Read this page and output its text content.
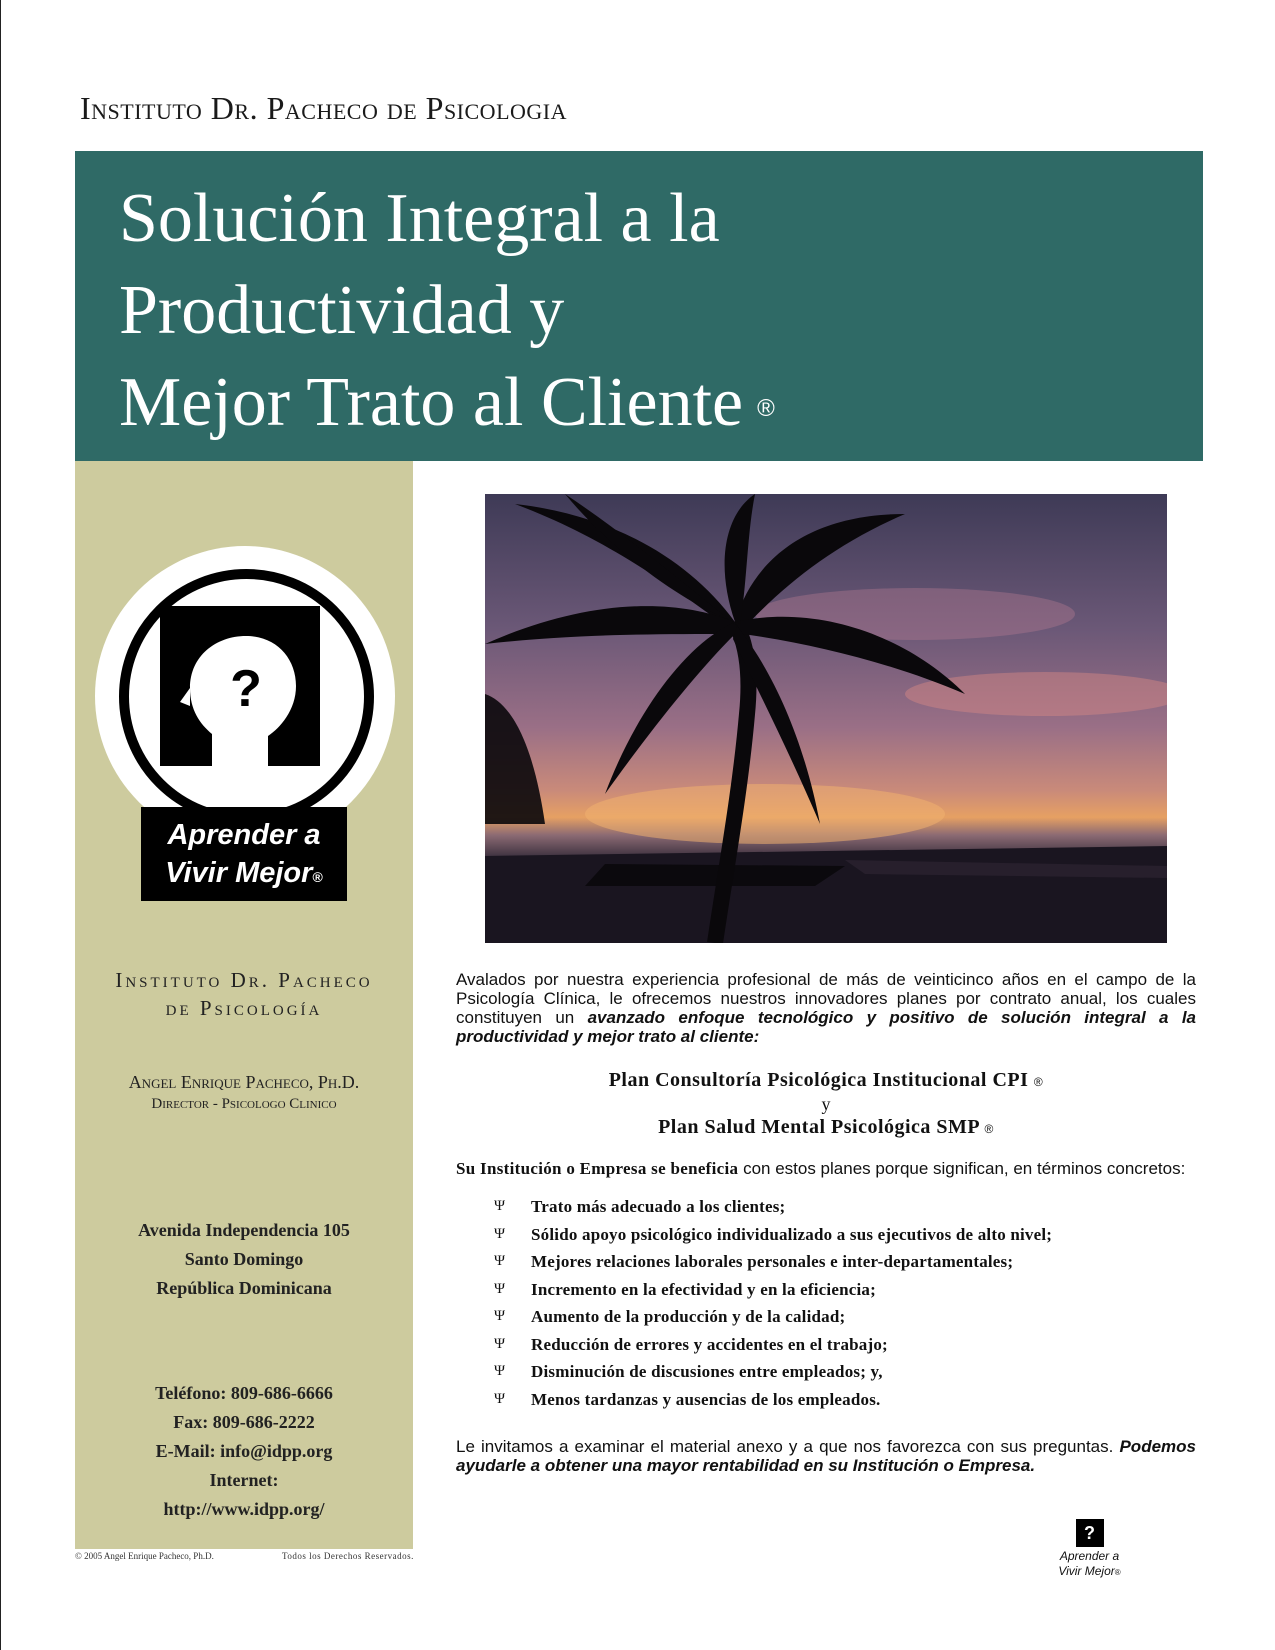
Instituto Dr. Pacheco de Psicologia
Solución Integral a la
Productividad y
Mejor Trato al Cliente ®
?
Aprender a
Vivir Mejor®
Instituto Dr. Pacheco
de Psicología
Angel Enrique Pacheco, Ph.D.
Director - Psicologo Clinico
Avenida Independencia 105
Santo Domingo
República Dominicana
Teléfono: 809-686-6666
Fax: 809-686-2222
E-Mail: info@idpp.org
Internet:
http://www.idpp.org/
© 2005 Angel Enrique Pacheco, Ph.D.	Todos los Derechos Reservados.

Avalados por nuestra experiencia profesional de más de veinticinco años en el campo de la Psicología Clínica, le ofrecemos nuestros innovadores planes por contrato anual, los cuales constituyen un avanzado enfoque tecnológico y positivo de solución integral a la productividad y mejor trato al cliente:

Plan Consultoría Psicológica Institucional CPI ®

y

Plan Salud Mental Psicológica SMP ®

Su Institución o Empresa se beneficia con estos planes porque significan, en términos concretos:

Ψ Trato más adecuado a los clientes;
Ψ Sólido apoyo psicológico individualizado a sus ejecutivos de alto nivel;
Ψ Mejores relaciones laborales personales e inter-departamentales;
Ψ Incremento en la efectividad y en la eficiencia;
Ψ Aumento de la producción y de la calidad;
Ψ Reducción de errores y accidentes en el trabajo;
Ψ Disminución de discusiones entre empleados; y,
Ψ Menos tardanzas y ausencias de los empleados.

Le invitamos a examinar el material anexo y a que nos favorezca con sus preguntas. Podemos ayudarle a obtener una mayor rentabilidad en su Institución o Empresa.

?
Aprender a
Vivir Mejor®
